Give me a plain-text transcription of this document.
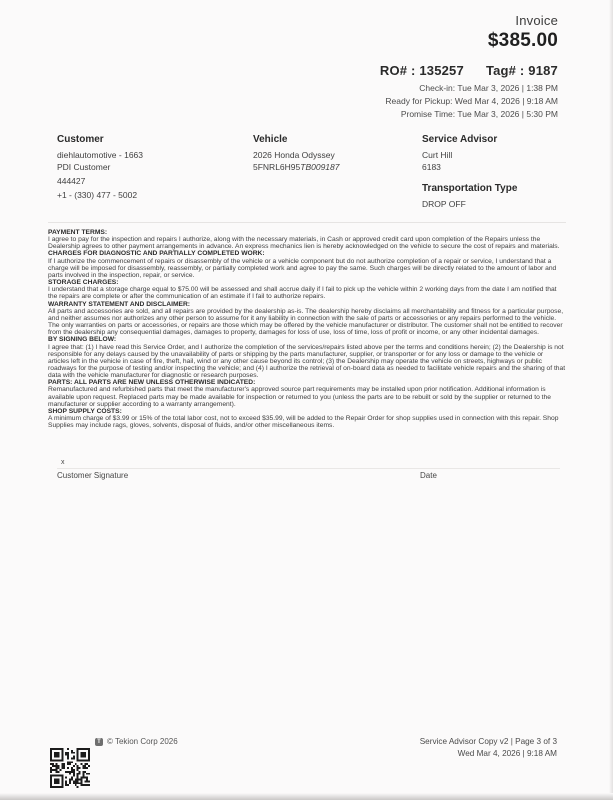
Invoice
$385.00
RO# : 135257 Tag# : 9187
Check-in: Tue Mar 3, 2026 | 1:38 PM
Ready for Pickup: Wed Mar 4, 2026 | 9:18 AM
Promise Time: Tue Mar 3, 2026 | 5:30 PM
Customer
diehlautomotive - 1663
PDI Customer
444427
+1 - (330) 477 - 5002
Vehicle
2026 Honda Odyssey
5FNRL6H95TB009187
Service Advisor
Curt Hill
6183
Transportation Type
DROP OFF
PAYMENT TERMS:
I agree to pay for the inspection and repairs I authorize, along with the necessary materials, in Cash or approved credit card upon completion of the Repairs unless the Dealership agrees to other payment arrangements in advance. An express mechanics lien is hereby acknowledged on the vehicle to secure the cost of repairs and materials.
CHARGES FOR DIAGNOSTIC AND PARTIALLY COMPLETED WORK:
If I authorize the commencement of repairs or disassembly of the vehicle or a vehicle component but do not authorize completion of a repair or service, I understand that a charge will be imposed for disassembly, reassembly, or partially completed work and agree to pay the same. Such charges will be directly related to the amount of labor and parts involved in the inspection, repair, or service.
STORAGE CHARGES:
I understand that a storage charge equal to $75.00 will be assessed and shall accrue daily if I fail to pick up the vehicle within 2 working days from the date I am notified that the repairs are complete or after the communication of an estimate if I fail to authorize repairs.
WARRANTY STATEMENT AND DISCLAIMER:
All parts and accessories are sold, and all repairs are provided by the dealership as-is. The dealership hereby disclaims all merchantability and fitness for a particular purpose, and neither assumes nor authorizes any other person to assume for it any liability in connection with the sale of parts or accessories or any repairs performed to the vehicle. The only warranties on parts or accessories, or repairs are those which may be offered by the vehicle manufacturer or distributor. The customer shall not be entitled to recover from the dealership any consequential damages, damages to property, damages for loss of use, loss of time, loss of profit or income, or any other incidental damages.
BY SIGNING BELOW:
I agree that: (1) I have read this Service Order, and I authorize the completion of the services/repairs listed above per the terms and conditions herein; (2) the Dealership is not responsible for any delays caused by the unavailability of parts or shipping by the parts manufacturer, supplier, or transporter or for any loss or damage to the vehicle or articles left in the vehicle in case of fire, theft, hail, wind or any other cause beyond its control; (3) the Dealership may operate the vehicle on streets, highways or public roadways for the purpose of testing and/or inspecting the vehicle; and (4) I authorize the retrieval of on-board data as needed to facilitate vehicle repairs and the sharing of that data with the vehicle manufacturer for diagnostic or research purposes.
PARTS: ALL PARTS ARE NEW UNLESS OTHERWISE INDICATED:
Remanufactured and refurbished parts that meet the manufacturer's approved source part requirements may be installed upon prior notification. Additional information is available upon request. Replaced parts may be made available for inspection or returned to you (unless the parts are to be rebuilt or sold by the supplier or returned to the manufacturer or supplier according to a warranty arrangement).
SHOP SUPPLY COSTS:
A minimum charge of $3.99 or 15% of the total labor cost, not to exceed $35.99, will be added to the Repair Order for shop supplies used in connection with this repair. Shop Supplies may include rags, gloves, solvents, disposal of fluids, and/or other miscellaneous items.
x
Customer Signature	Date
T © Tekion Corp 2026	Service Advisor Copy v2 | Page 3 of 3
Wed Mar 4, 2026 | 9:18 AM
